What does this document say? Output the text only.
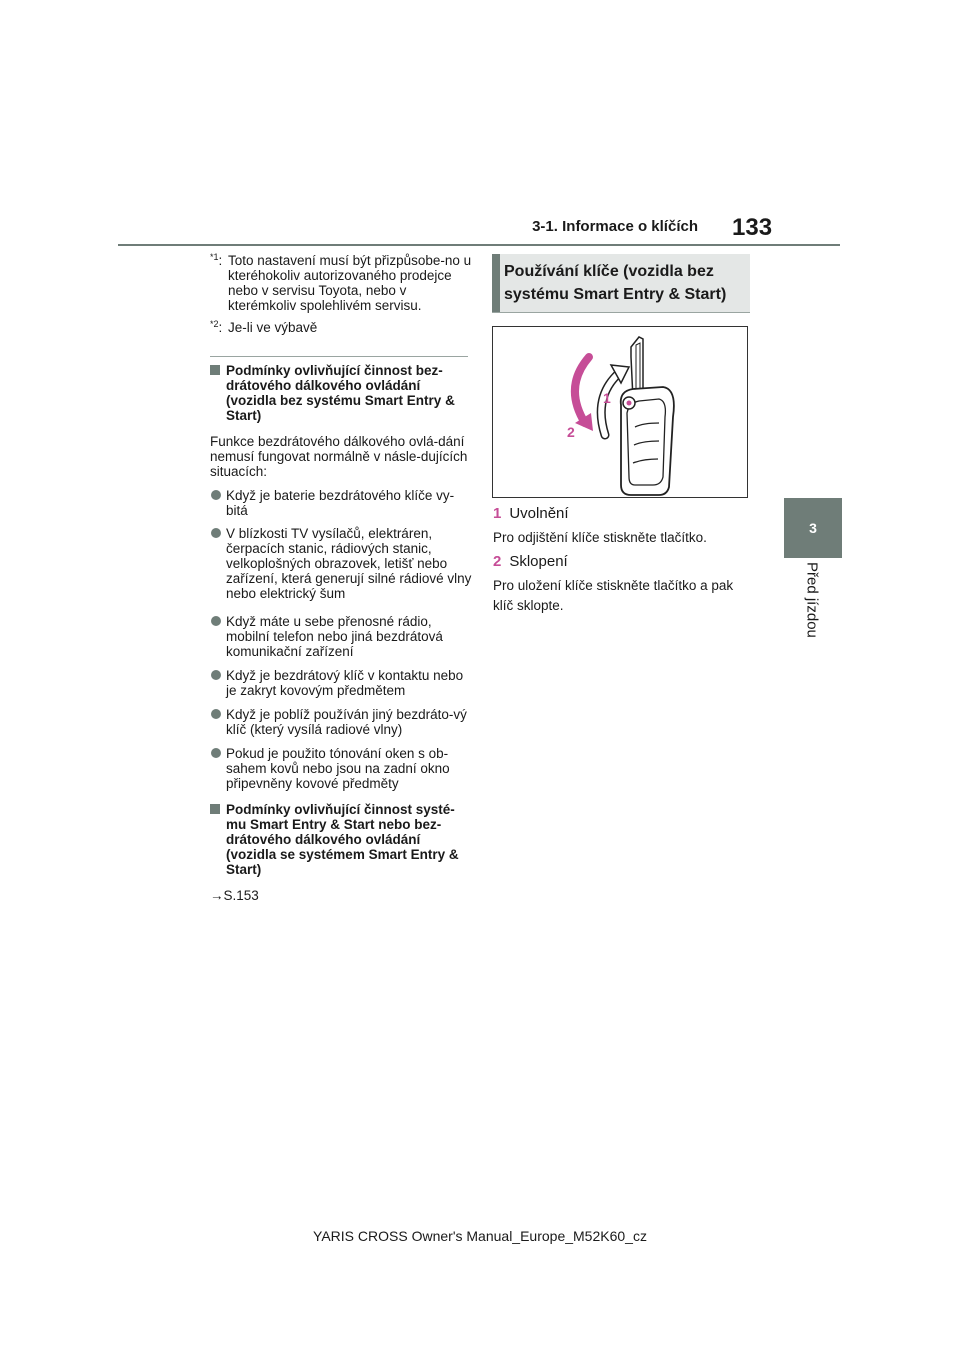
3-1. Informace o klíčích 133
3
Před jízdou
$^{*1}$: Toto nastavení musí být přizpůsobe-no u kteréhokoliv autorizovaného prodejce nebo v servisu Toyota, nebo v kterémkoliv spolehlivém servisu.
$^{*2}$: Je-li ve výbavě
Podmínky ovlivňující činnost bez-drátového dálkového ovládání (vozidla bez systému Smart Entry & Start)
Funkce bezdrátového dálkového ovlá-dání nemusí fungovat normálně v násle-dujících situacích:
Když je baterie bezdrátového klíče vy-bitá
V blízkosti TV vysílačů, elektráren, čerpacích stanic, rádiových stanic, velkoplošných obrazovek, letišť nebo zařízení, která generují silné rádiové vlny nebo elektrický šum
Když máte u sebe přenosné rádio, mobilní telefon nebo jiná bezdrátová komunikační zařízení
Když je bezdrátový klíč v kontaktu nebo je zakryt kovovým předmětem
Když je poblíž používán jiný bezdráto-vý klíč (který vysílá radiové vlny)
Pokud je použito tónování oken s ob-sahem kovů nebo jsou na zadní okno připevněny kovové předměty
Podmínky ovlivňující činnost systé-mu Smart Entry & Start nebo bez-drátového dálkového ovládání (vozidla se systémem Smart Entry & Start)
→S.153
Používání klíče (vozidla bez systému Smart Entry & Start)
1
2
1 Uvolnění
Pro odjištění klíče stiskněte tlačítko.
2 Sklopení
Pro uložení klíče stiskněte tlačítko a pak klíč sklopte.
YARIS CROSS Owner's Manual_Europe_M52K60_cz
